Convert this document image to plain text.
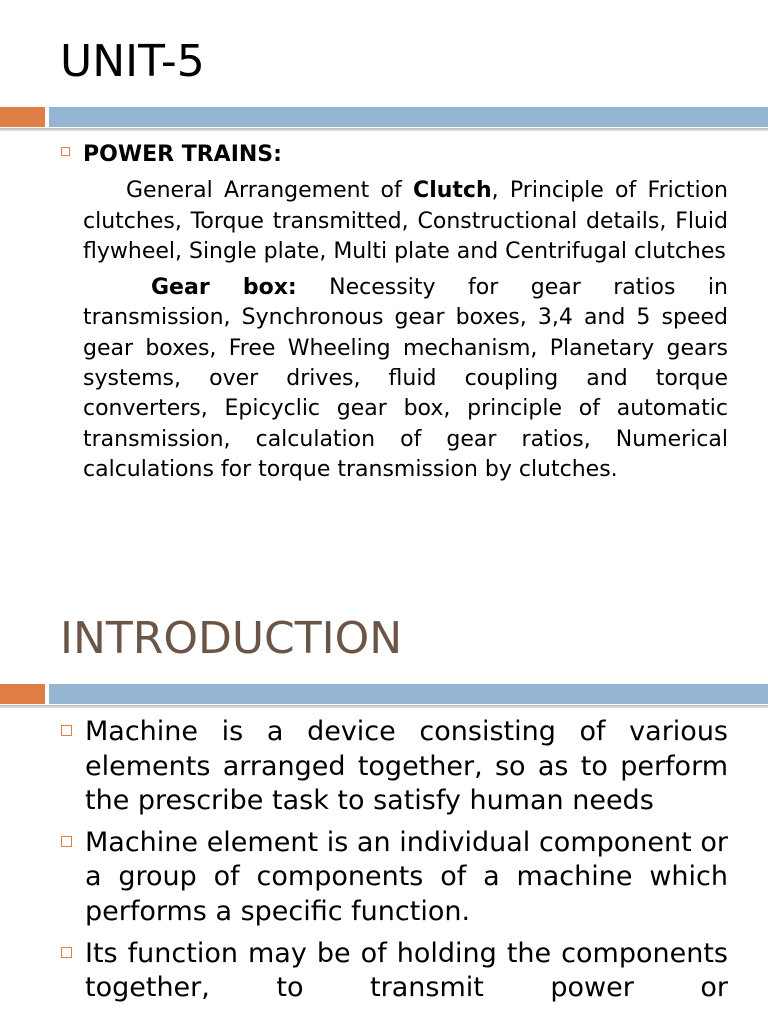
UNIT-5

POWER TRAINS:

General Arrangement of Clutch, Principle of Friction clutches, Torque transmitted, Constructional details, Fluid flywheel, Single plate, Multi plate and Centrifugal clutches

Gear box: Necessity for gear ratios in transmission, Synchronous gear boxes, 3,4 and 5 speed gear boxes, Free Wheeling mechanism, Planetary gears systems, over drives, fluid coupling and torque converters, Epicyclic gear box, principle of automatic transmission, calculation of gear ratios, Numerical calculations for torque transmission by clutches.

INTRODUCTION

Machine is a device consisting of various elements arranged together, so as to perform the prescribe task to satisfy human needs

Machine element is an individual component or a group of components of a machine which performs a specific function.

Its function may be of holding the components together, to transmit power or
